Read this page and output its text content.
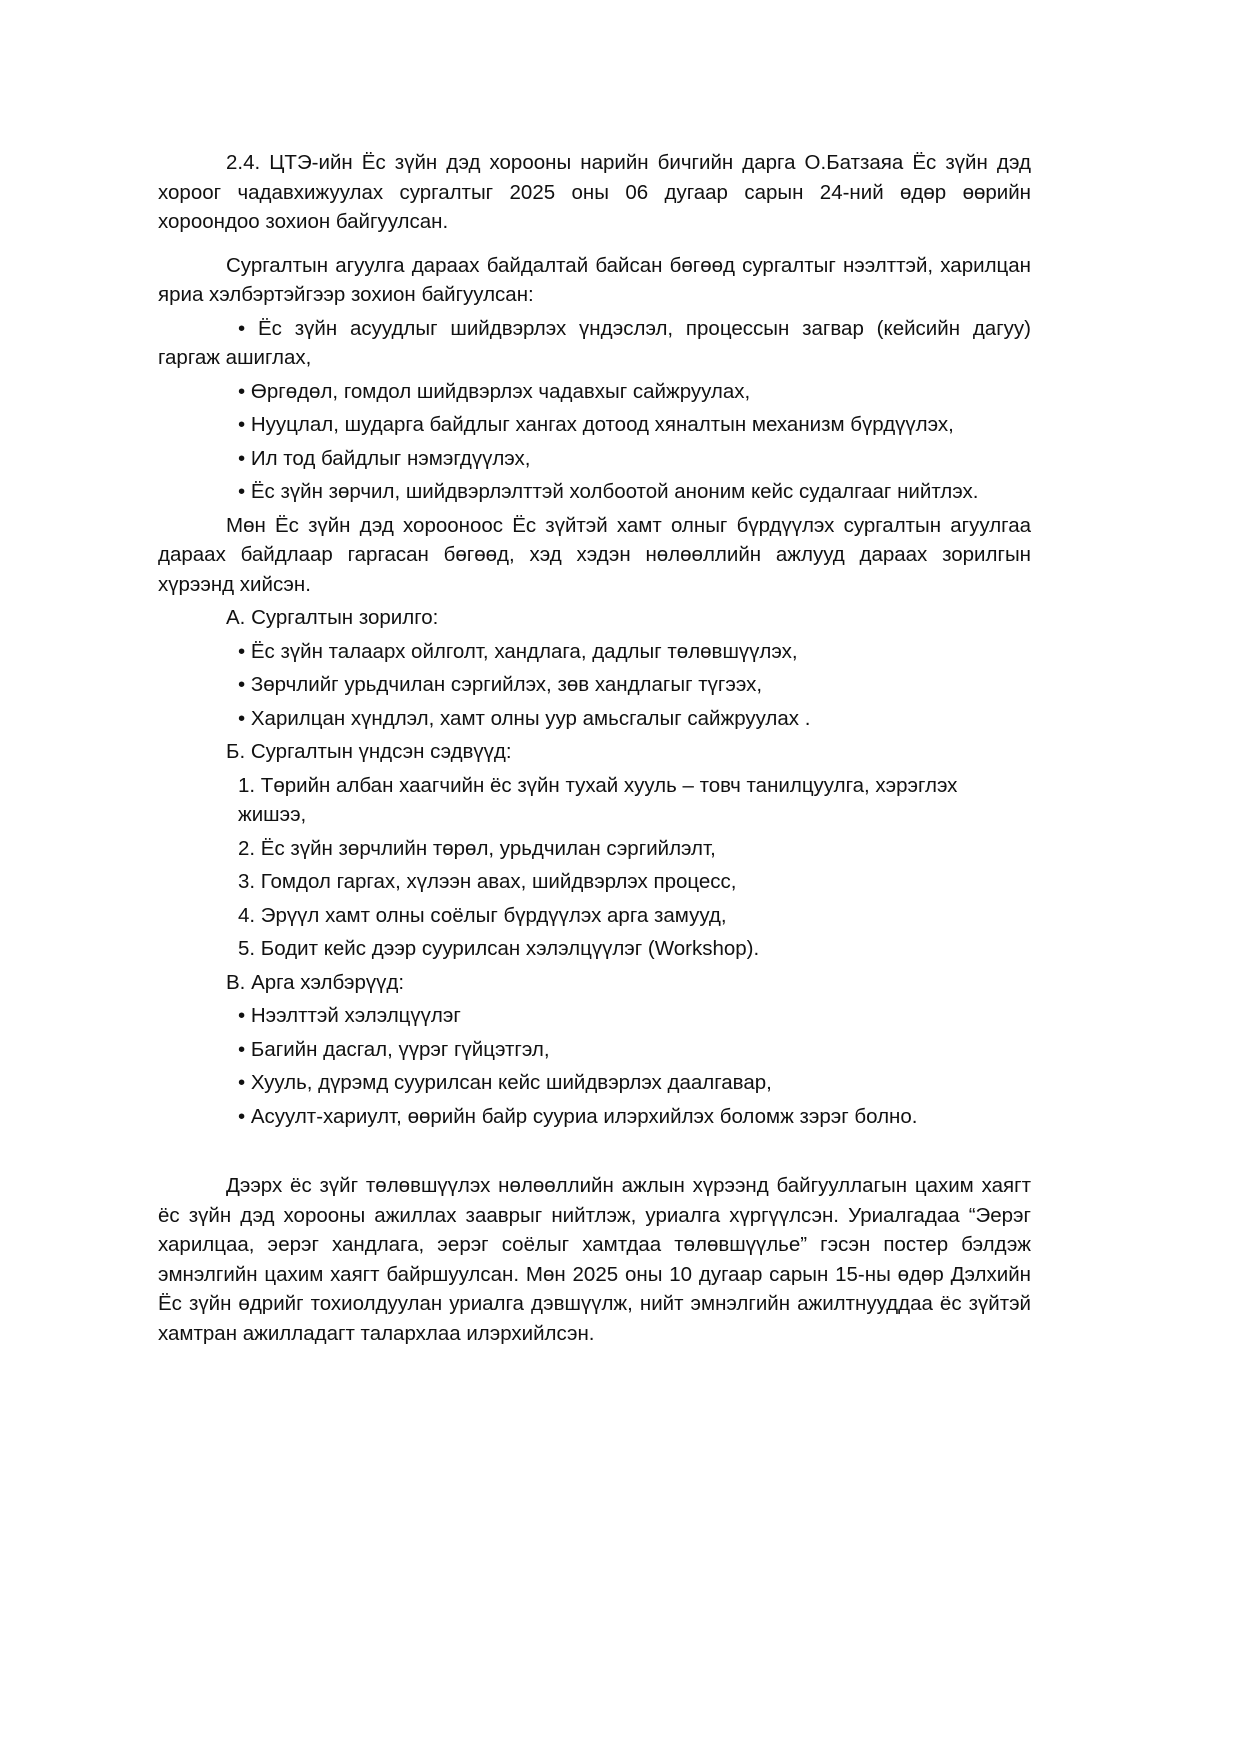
2.4. ЦТЭ-ийн Ёс зүйн дэд хорооны нарийн бичгийн дарга О.Батзаяа Ёс зүйн дэд хороог чадавхижуулах сургалтыг 2025 оны 06 дугаар сарын 24-ний өдөр өөрийн хороондоо зохион байгуулсан.

Сургалтын агуулга дараах байдалтай байсан бөгөөд сургалтыг нээлттэй, харилцан яриа хэлбэртэйгээр зохион байгуулсан:

• Ёс зүйн асуудлыг шийдвэрлэх үндэслэл, процессын загвар (кейсийн дагуу) гаргаж ашиглах,

• Өргөдөл, гомдол шийдвэрлэх чадавхыг сайжруулах,

• Нууцлал, шударга байдлыг хангах дотоод хяналтын механизм бүрдүүлэх,

• Ил тод байдлыг нэмэгдүүлэх,

• Ёс зүйн зөрчил, шийдвэрлэлттэй холбоотой аноним кейс судалгааг нийтлэх.

Мөн Ёс зүйн дэд хорооноос Ёс зүйтэй хамт олныг бүрдүүлэх сургалтын агуулгаа дараах байдлаар гаргасан бөгөөд, хэд хэдэн нөлөөллийн ажлууд дараах зорилгын хүрээнд хийсэн.

А. Сургалтын зорилго:

• Ёс зүйн талаарх ойлголт, хандлага, дадлыг төлөвшүүлэх,

• Зөрчлийг урьдчилан сэргийлэх, зөв хандлагыг түгээх,

• Харилцан хүндлэл, хамт олны уур амьсгалыг сайжруулах .

Б. Сургалтын үндсэн сэдвүүд:

1. Төрийн албан хаагчийн ёс зүйн тухай хууль – товч танилцуулга, хэрэглэх жишээ,

2. Ёс зүйн зөрчлийн төрөл, урьдчилан сэргийлэлт,

3. Гомдол гаргах, хүлээн авах, шийдвэрлэх процесс,

4. Эрүүл хамт олны соёлыг бүрдүүлэх арга замууд,

5. Бодит кейс дээр суурилсан хэлэлцүүлэг (Workshop).

В. Арга хэлбэрүүд:

• Нээлттэй хэлэлцүүлэг

• Багийн дасгал, үүрэг гүйцэтгэл,

• Хууль, дүрэмд суурилсан кейс шийдвэрлэх даалгавар,

• Асуулт-хариулт, өөрийн байр сууриа илэрхийлэх боломж зэрэг болно.

Дээрх ёс зүйг төлөвшүүлэх нөлөөллийн ажлын хүрээнд байгууллагын цахим хаягт ёс зүйн дэд хорооны ажиллах зааврыг нийтлэж, уриалга хүргүүлсэн. Уриалгадаа “Эерэг харилцаа, эерэг хандлага, эерэг соёлыг хамтдаа төлөвшүүлье” гэсэн постер бэлдэж эмнэлгийн цахим хаягт байршуулсан. Мөн 2025 оны 10 дугаар сарын 15-ны өдөр Дэлхийн Ёс зүйн өдрийг тохиолдуулан уриалга дэвшүүлж, нийт эмнэлгийн ажилтнууддаа ёс зүйтэй хамтран ажилладагт талархлаа илэрхийлсэн.
